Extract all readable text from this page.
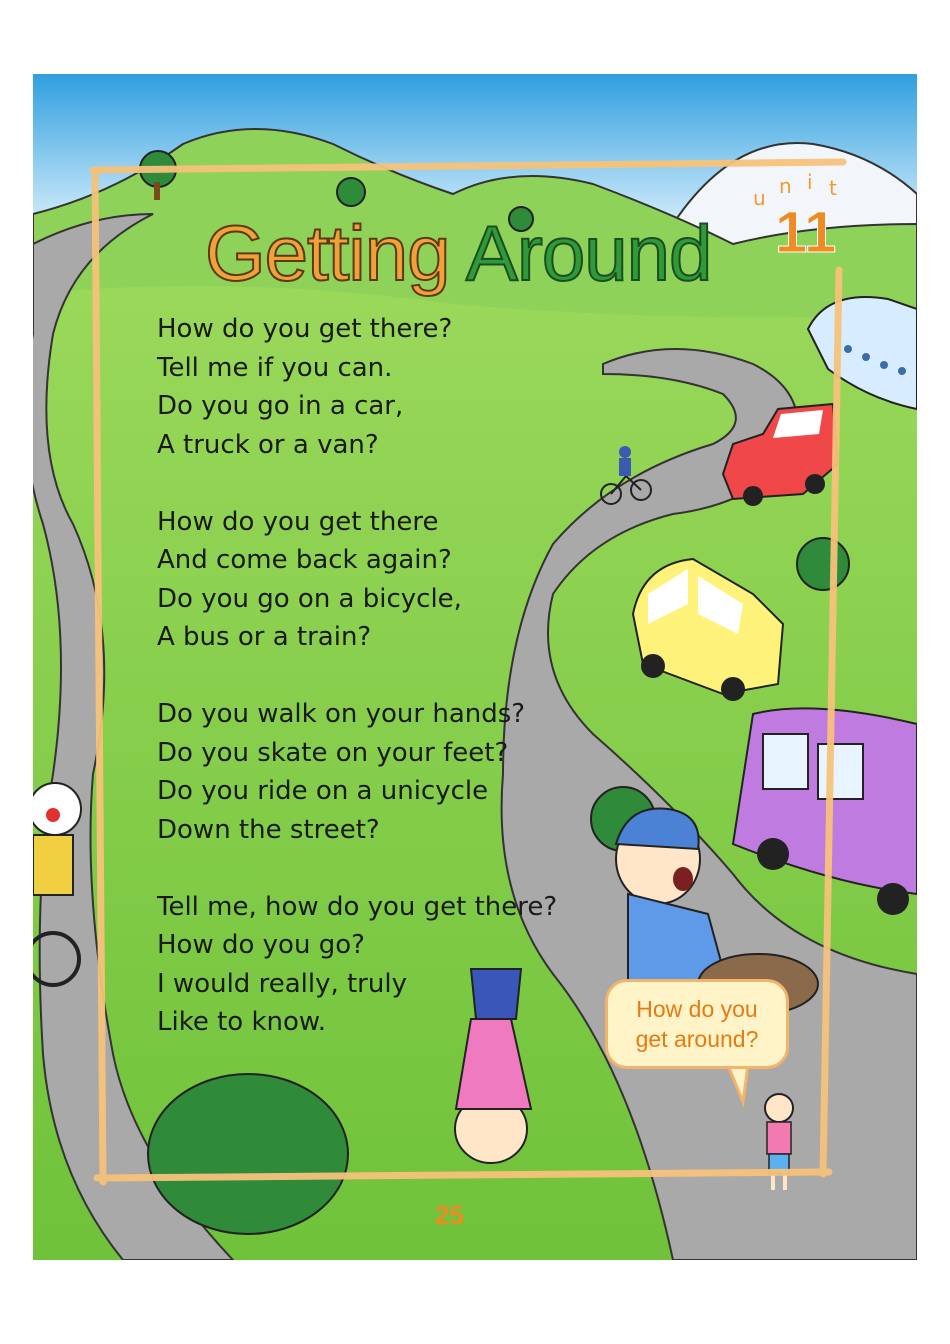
Getting Around
u n i t
11
How do you get there?
Tell me if you can.
Do you go in a car,
A truck or a van?
How do you get there
And come back again?
Do you go on a bicycle,
A bus or a train?
Do you walk on your hands?
Do you skate on your feet?
Do you ride on a unicycle
Down the street?
Tell me, how do you get there?
How do you go?
I would really, truly
Like to know.	How do you
get around?
25
